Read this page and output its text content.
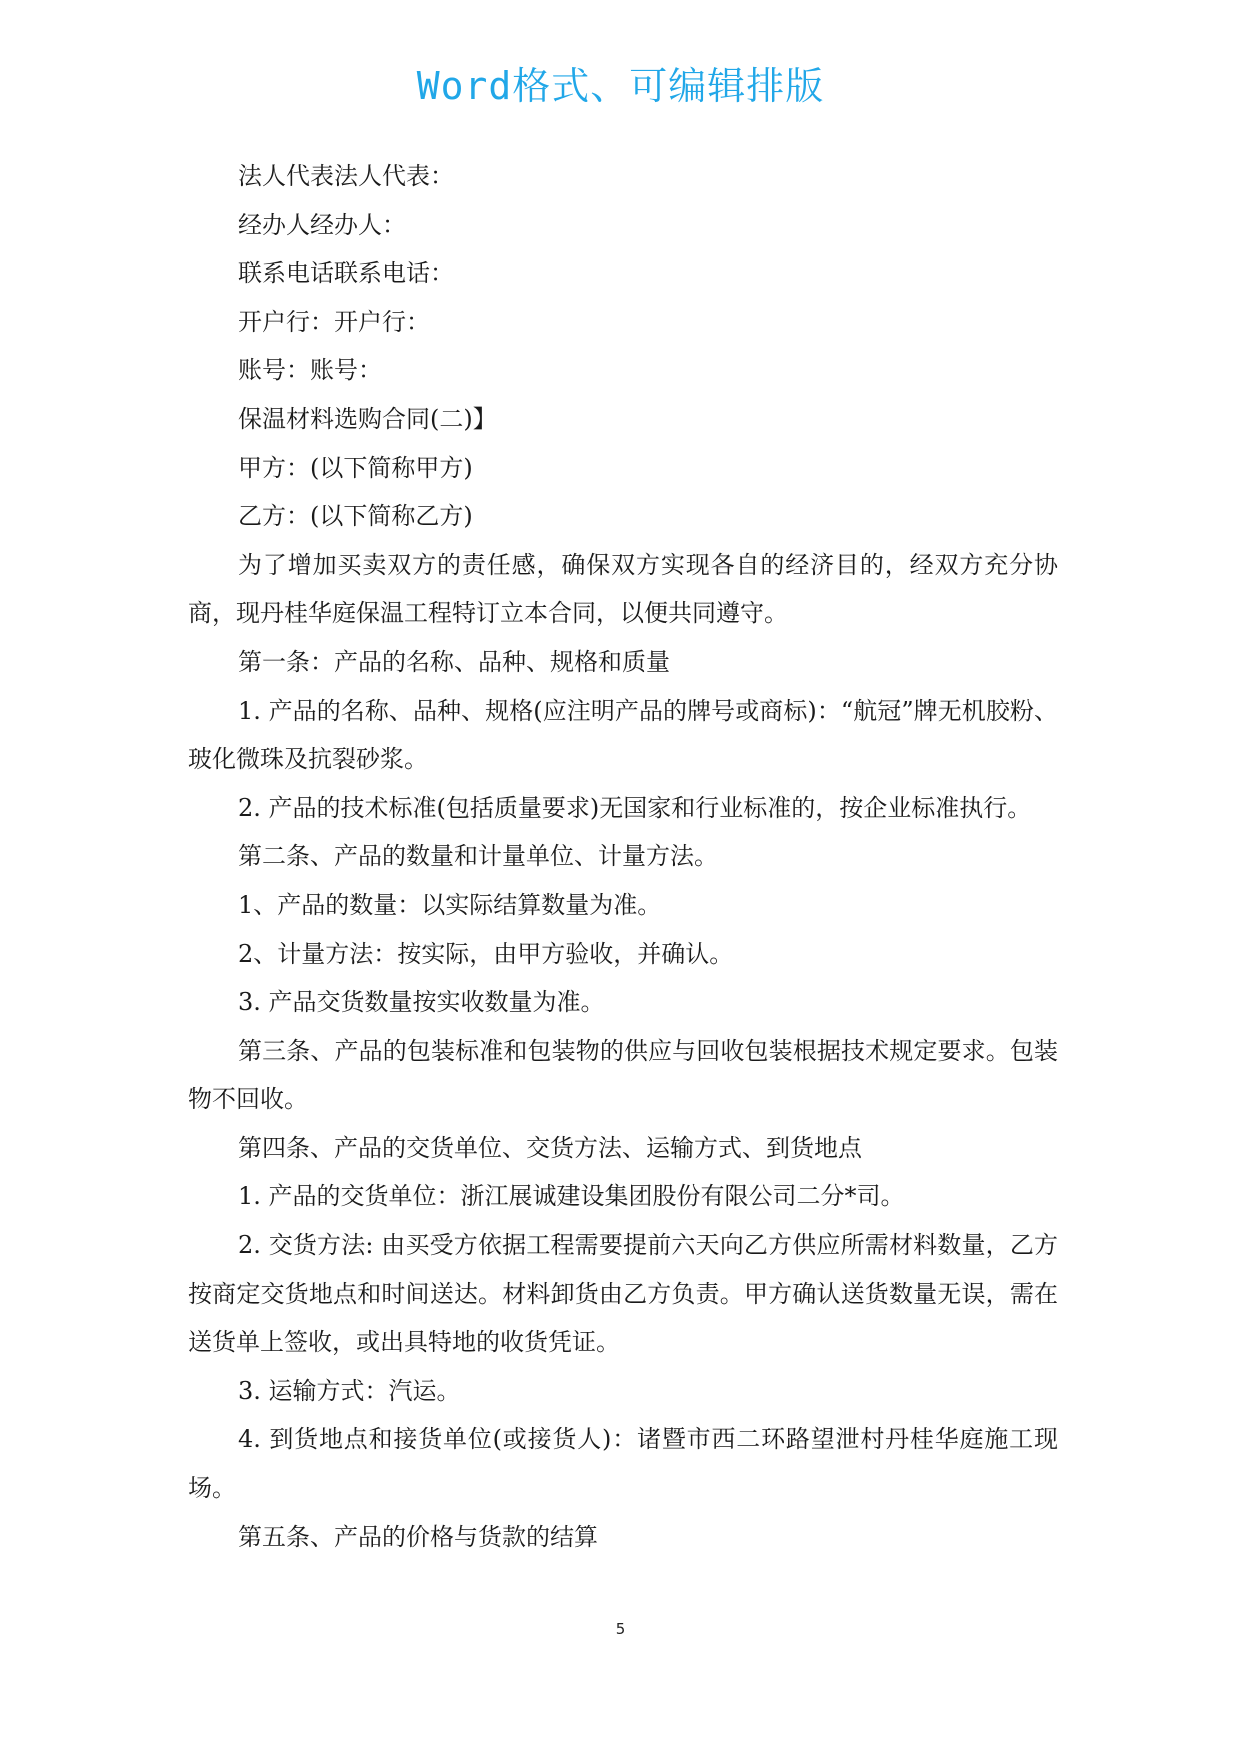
Word格式、可编辑排版

法人代表法人代表：

经办人经办人：

联系电话联系电话：

开户行：开户行：

账号：账号：

保温材料选购合同(二)】

甲方：(以下简称甲方)

乙方：(以下简称乙方)

为了增加买卖双方的责任感，确保双方实现各自的经济目的，经双方充分协商，现丹桂华庭保温工程特订立本合同，以便共同遵守。

第一条：产品的名称、品种、规格和质量

1. 产品的名称、品种、规格(应注明产品的牌号或商标)：“航冠”牌无机胶粉、玻化微珠及抗裂砂浆。

2. 产品的技术标准(包括质量要求)无国家和行业标准的，按企业标准执行。

第二条、产品的数量和计量单位、计量方法。

1、产品的数量：以实际结算数量为准。

2、计量方法：按实际，由甲方验收，并确认。

3. 产品交货数量按实收数量为准。

第三条、产品的包装标准和包装物的供应与回收包装根据技术规定要求。包装物不回收。

第四条、产品的交货单位、交货方法、运输方式、到货地点

1. 产品的交货单位：浙江展诚建设集团股份有限公司二分*司。

2. 交货方法: 由买受方依据工程需要提前六天向乙方供应所需材料数量，乙方按商定交货地点和时间送达。材料卸货由乙方负责。甲方确认送货数量无误，需在送货单上签收，或出具特地的收货凭证。

3. 运输方式：汽运。

4. 到货地点和接货单位(或接货人)：诸暨市西二环路望泄村丹桂华庭施工现场。

第五条、产品的价格与货款的结算

5
